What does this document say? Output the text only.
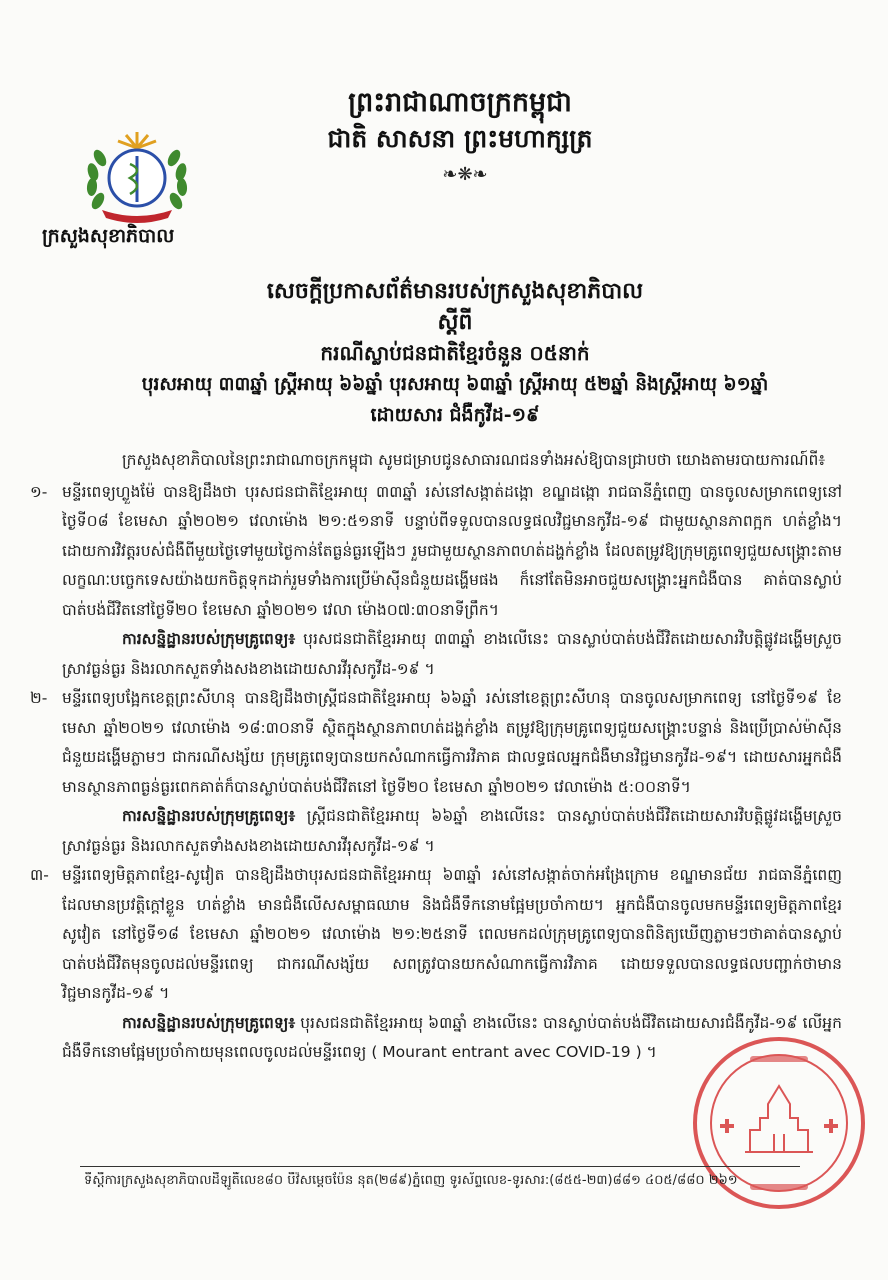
ក្រសួងសុខាភិបាល
ព្រះរាជាណាចក្រកម្ពុជា
ជាតិ សាសនា ព្រះមហាក្សត្រ
❧❋❧
សេចក្ដីប្រកាសព័ត៌មានរបស់ក្រសួងសុខាភិបាល
ស្ដីពី
ករណីស្លាប់ជនជាតិខ្មែរចំនួន ០៥នាក់
បុរសអាយុ ៣៣ឆ្នាំ ស្ត្រីអាយុ ៦៦ឆ្នាំ បុរសអាយុ ៦៣ឆ្នាំ ស្ត្រីអាយុ ៥២ឆ្នាំ និងស្ត្រីអាយុ ៦១ឆ្នាំ
ដោយសារ ជំងឺកូវីដ-១៩

ក្រសួងសុខាភិបាលនៃព្រះរាជាណាចក្រកម្ពុជា សូមជម្រាបជូនសាធារណជនទាំងអស់ឱ្យបានជ្រាបថា យោងតាមរបាយការណ៍ពី៖

១- មន្ទីរពេទ្យហ្លួងម៉ែ បានឱ្យដឹងថា បុរសជនជាតិខ្មែរអាយុ ៣៣ឆ្នាំ រស់នៅសង្កាត់ដង្កោ ខណ្ឌដង្កោ រាជធានីភ្នំពេញ បានចូលសម្រាកពេទ្យនៅថ្ងៃទី០៨ ខែមេសា ឆ្នាំ២០២១ វេលាម៉ោង ២១:៥១នាទី បន្ទាប់ពីទទួលបានលទ្ធផលវិជ្ជមានកូវីដ-១៩ ជាមួយស្ថានភាពក្អក ហត់ខ្លាំង។ ដោយការវិវត្តរបស់ជំងឺពីមួយថ្ងៃទៅមួយថ្ងៃកាន់តែធ្ងន់ធ្ងរឡើងៗ រួមជាមួយស្ថានភាពហត់ដង្ហក់ខ្លាំង ដែលតម្រូវឱ្យក្រុមគ្រូពេទ្យជួយសង្គ្រោះតាមលក្ខណៈបច្ចេកទេសយ៉ាងយកចិត្តទុកដាក់រួមទាំងការប្រើម៉ាស៊ីនជំនួយដង្ហើមផង ក៏នៅតែមិនអាចជួយសង្គ្រោះអ្នកជំងឺបាន គាត់បានស្លាប់បាត់បង់ជីវិតនៅថ្ងៃទី២០ ខែមេសា ឆ្នាំ២០២១ វេលា ម៉ោង០៧:៣០នាទីព្រឹក។

ការសន្និដ្ឋានរបស់ក្រុមគ្រូពេទ្យ៖ បុរសជនជាតិខ្មែរអាយុ ៣៣ឆ្នាំ ខាងលើនេះ បានស្លាប់បាត់បង់ជីវិតដោយសារវិបត្តិផ្លូវដង្ហើមស្រួចស្រាវធ្ងន់ធ្ងរ និងរលាកសួតទាំងសងខាងដោយសារវីរុសកូវីដ-១៩ ។

២- មន្ទីរពេទ្យបង្អែកខេត្តព្រះសីហនុ បានឱ្យដឹងថាស្ត្រីជនជាតិខ្មែរអាយុ ៦៦ឆ្នាំ រស់នៅខេត្តព្រះសីហនុ បានចូលសម្រាកពេទ្យ នៅថ្ងៃទី១៩ ខែមេសា ឆ្នាំ២០២១ វេលាម៉ោង ១៨:៣០នាទី ស្ថិតក្នុងស្ថានភាពហត់ដង្ហក់ខ្លាំង តម្រូវឱ្យក្រុមគ្រូពេទ្យជួយសង្គ្រោះបន្ទាន់ និងប្រើប្រាស់ម៉ាស៊ីនជំនួយដង្ហើមភ្លាមៗ ជាករណីសង្ស័យ ក្រុមគ្រូពេទ្យបានយកសំណាកធ្វើការវិភាគ ជាលទ្ធផលអ្នកជំងឺមានវិជ្ជមានកូវីដ-១៩។ ដោយសារអ្នកជំងឺមានស្ថានភាពធ្ងន់ធ្ងរពេកគាត់ក៏បានស្លាប់បាត់បង់ជីវិតនៅ ថ្ងៃទី២០ ខែមេសា ឆ្នាំ២០២១ វេលាម៉ោង ៥:០០នាទី។

ការសន្និដ្ឋានរបស់ក្រុមគ្រូពេទ្យ៖ ស្ត្រីជនជាតិខ្មែរអាយុ ៦៦ឆ្នាំ ខាងលើនេះ បានស្លាប់បាត់បង់ជីវិតដោយសារវិបត្តិផ្លូវដង្ហើមស្រួចស្រាវធ្ងន់ធ្ងរ និងរលាកសួតទាំងសងខាងដោយសារវីរុសកូវីដ-១៩ ។

៣- មន្ទីរពេទ្យមិត្តភាពខ្មែរ-សូវៀត បានឱ្យដឹងថាបុរសជនជាតិខ្មែរអាយុ ៦៣ឆ្នាំ រស់នៅសង្កាត់ចាក់អង្រែក្រោម ខណ្ឌមានជ័យ រាជធានីភ្នំពេញ ដែលមានប្រវត្តិក្ដៅខ្លួន ហត់ខ្លាំង មានជំងឺលើសសម្ពាធឈាម និងជំងឺទឹកនោមផ្អែមប្រចាំកាយ។ អ្នកជំងឺបានចូលមកមន្ទីរពេទ្យមិត្តភាពខ្មែរ សូវៀត នៅថ្ងៃទី១៨ ខែមេសា ឆ្នាំ២០២១ វេលាម៉ោង ២១:២៥នាទី ពេលមកដល់ក្រុមគ្រូពេទ្យបានពិនិត្យឃើញភ្លាមៗថាគាត់បានស្លាប់បាត់បង់ជីវិតមុនចូលដល់មន្ទីរពេទ្យ ជាករណីសង្ស័យ សពត្រូវបានយកសំណាកធ្វើការវិភាគ ដោយទទួលបានលទ្ធផលបញ្ជាក់ថាមានវិជ្ជមានកូវីដ-១៩ ។

ការសន្និដ្ឋានរបស់ក្រុមគ្រូពេទ្យ៖ បុរសជនជាតិខ្មែរអាយុ ៦៣ឆ្នាំ ខាងលើនេះ បានស្លាប់បាត់បង់ជីវិតដោយសារជំងឺកូវីដ-១៩ លើអ្នកជំងឺទឹកនោមផ្អែមប្រចាំកាយមុនពេលចូលដល់មន្ទីរពេទ្យ ( Mourant entrant avec COVID-19 ) ។

ទីស្ដីការក្រសួងសុខាភិបាលដីឡូតិ៍លេខ៨០ បឺវ៉សម្ដេចប៉ែន នុត(២៨៩)ភ្នំពេញ ទូរស័ព្ទលេខ-ទូរសារ:(៨៥៥-២៣)៨៨១ ៤០៥/៨៨០ ២៦១
